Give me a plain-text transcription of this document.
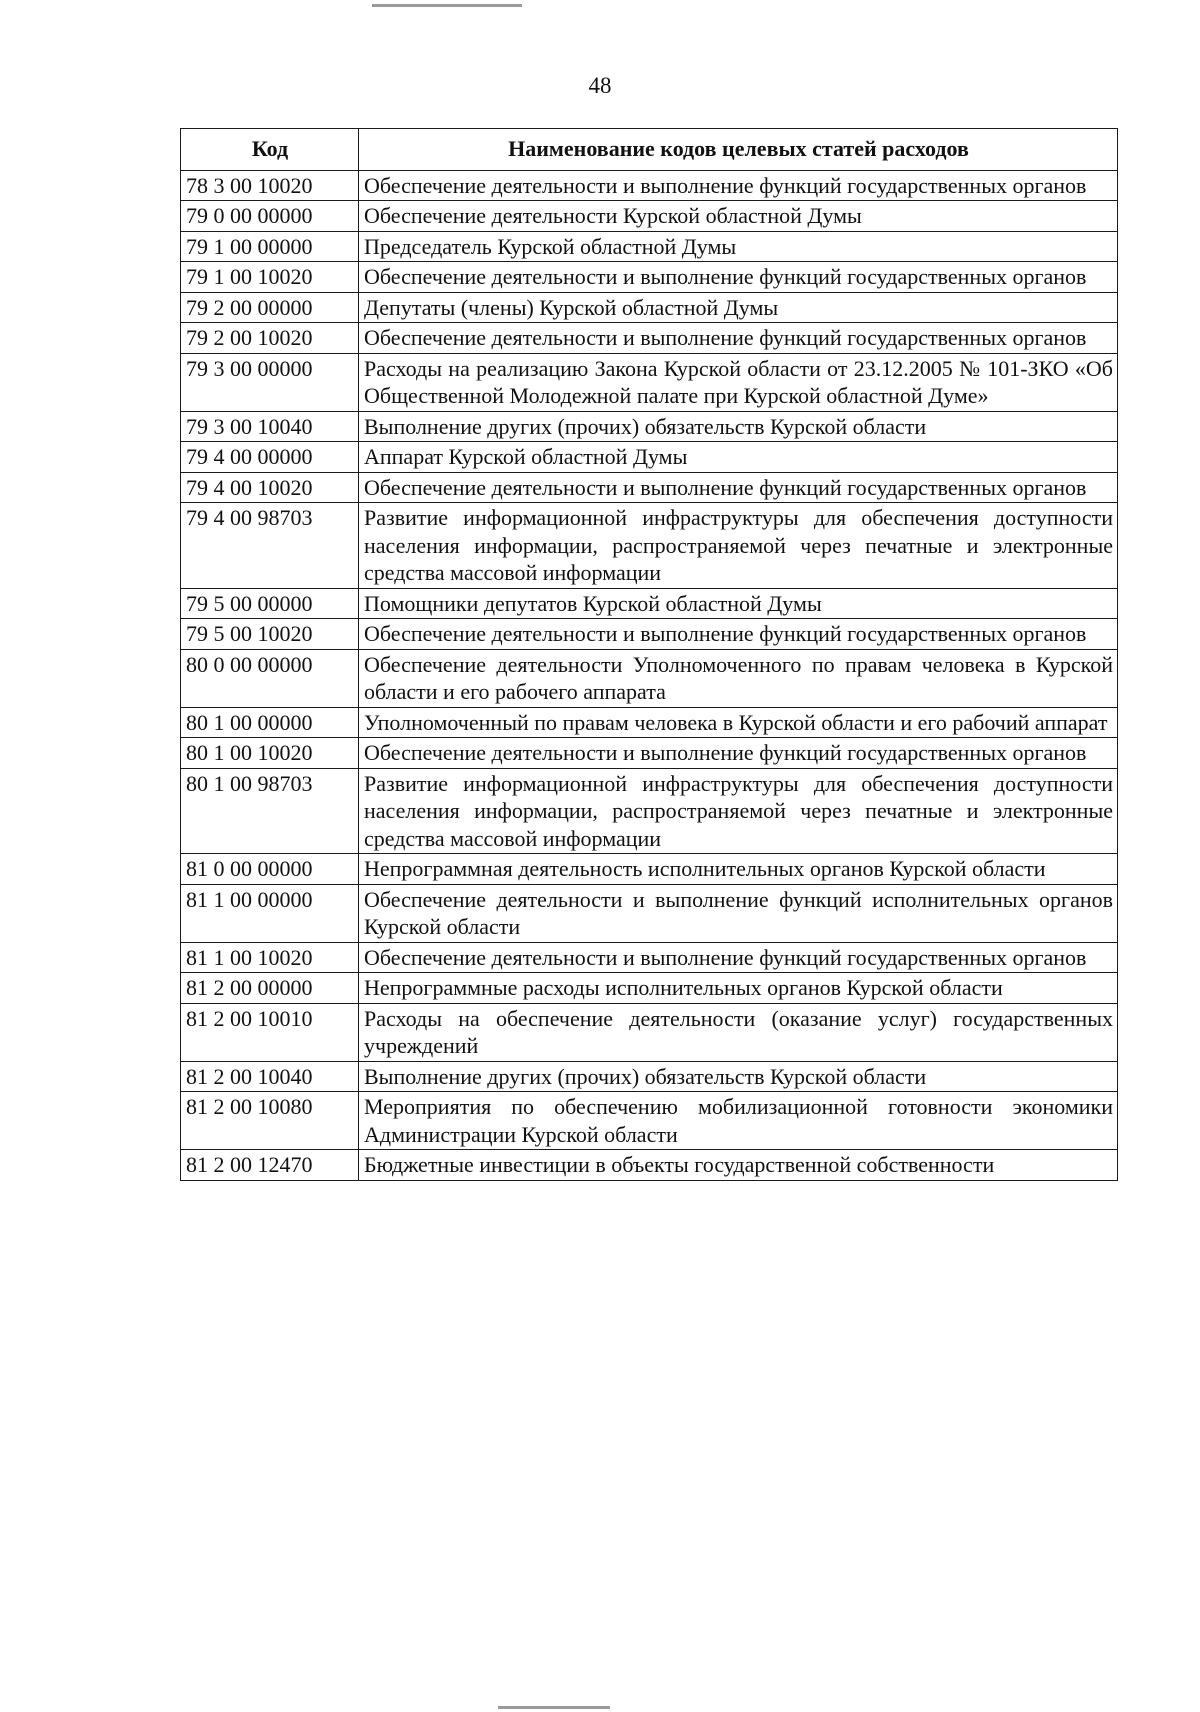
48
Код	Наименование кодов целевых статей расходов
78 3 00 10020	Обеспечение деятельности и выполнение функций государственных органов
79 0 00 00000	Обеспечение деятельности Курской областной Думы
79 1 00 00000	Председатель Курской областной Думы
79 1 00 10020	Обеспечение деятельности и выполнение функций государственных органов
79 2 00 00000	Депутаты (члены) Курской областной Думы
79 2 00 10020	Обеспечение деятельности и выполнение функций государственных органов
79 3 00 00000	Расходы на реализацию Закона Курской области от 23.12.2005 № 101-ЗКО «Об Общественной Молодежной палате при Курской областной Думе»
79 3 00 10040	Выполнение других (прочих) обязательств Курской области
79 4 00 00000	Аппарат Курской областной Думы
79 4 00 10020	Обеспечение деятельности и выполнение функций государственных органов
79 4 00 98703	Развитие информационной инфраструктуры для обеспечения доступности населения информации, распространяемой через печатные и электронные средства массовой информации
79 5 00 00000	Помощники депутатов Курской областной Думы
79 5 00 10020	Обеспечение деятельности и выполнение функций государственных органов
80 0 00 00000	Обеспечение деятельности Уполномоченного по правам человека в Курской области и его рабочего аппарата
80 1 00 00000	Уполномоченный по правам человека в Курской области и его рабочий аппарат
80 1 00 10020	Обеспечение деятельности и выполнение функций государственных органов
80 1 00 98703	Развитие информационной инфраструктуры для обеспечения доступности населения информации, распространяемой через печатные и электронные средства массовой информации
81 0 00 00000	Непрограммная деятельность исполнительных органов Курской области
81 1 00 00000	Обеспечение деятельности и выполнение функций исполнительных органов Курской области
81 1 00 10020	Обеспечение деятельности и выполнение функций государственных органов
81 2 00 00000	Непрограммные расходы исполнительных органов Курской области
81 2 00 10010	Расходы на обеспечение деятельности (оказание услуг) государственных учреждений
81 2 00 10040	Выполнение других (прочих) обязательств Курской области
81 2 00 10080	Мероприятия по обеспечению мобилизационной готовности экономики Администрации Курской области
81 2 00 12470	Бюджетные инвестиции в объекты государственной собственности
